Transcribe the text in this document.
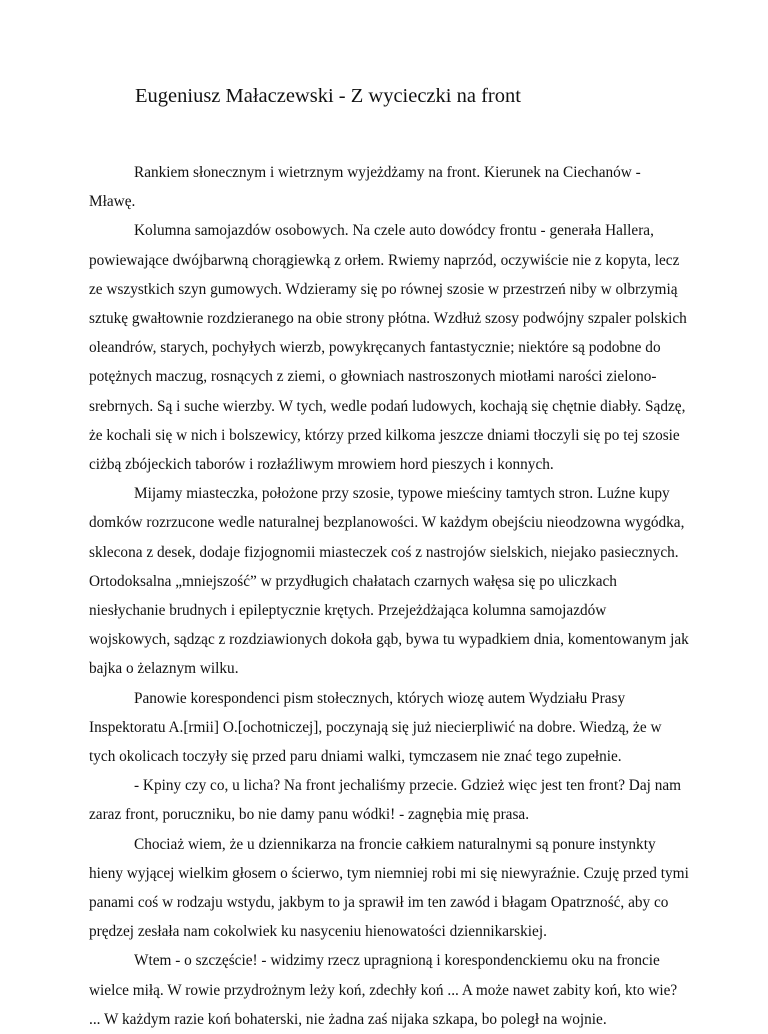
Eugeniusz Małaczewski - Z wycieczki na front

Rankiem słonecznym i wietrznym wyjeżdżamy na front. Kierunek na Ciechanów - Mławę.

Kolumna samojazdów osobowych. Na czele auto dowódcy frontu - generała Hallera, powiewające dwójbarwną chorągiewką z orłem. Rwiemy naprzód, oczywiście nie z kopyta, lecz ze wszystkich szyn gumowych. Wdzieramy się po równej szosie w przestrzeń niby w olbrzymią sztukę gwałtownie rozdzieranego na obie strony płótna. Wzdłuż szosy podwójny szpaler polskich oleandrów, starych, pochyłych wierzb, powykręcanych fantastycznie; niektóre są podobne do potężnych maczug, rosnących z ziemi, o głowniach nastroszonych miotłami narości zielono-srebrnych. Są i suche wierzby. W tych, wedle podań ludowych, kochają się chętnie diabły. Sądzę, że kochali się w nich i bolszewicy, którzy przed kilkoma jeszcze dniami tłoczyli się po tej szosie ciżbą zbójeckich taborów i rozłaźliwym mrowiem hord pieszych i konnych.

Mijamy miasteczka, położone przy szosie, typowe mieściny tamtych stron. Luźne kupy domków rozrzucone wedle naturalnej bezplanowości. W każdym obejściu nieodzowna wygódka, sklecona z desek, dodaje fizjognomii miasteczek coś z nastrojów sielskich, niejako pasiecznych. Ortodoksalna „mniejszość” w przydługich chałatach czarnych wałęsa się po uliczkach niesłychanie brudnych i epileptycznie krętych. Przejeżdżająca kolumna samojazdów wojskowych, sądząc z rozdziawionych dokoła gąb, bywa tu wypadkiem dnia, komentowanym jak bajka o żelaznym wilku.

Panowie korespondenci pism stołecznych, których wiozę autem Wydziału Prasy Inspektoratu A.[rmii] O.[ochotniczej], poczynają się już niecierpliwić na dobre. Wiedzą, że w tych okolicach toczyły się przed paru dniami walki, tymczasem nie znać tego zupełnie.

- Kpiny czy co, u licha? Na front jechaliśmy przecie. Gdzież więc jest ten front? Daj nam zaraz front, poruczniku, bo nie damy panu wódki! - zagnębia mię prasa.

Chociaż wiem, że u dziennikarza na froncie całkiem naturalnymi są ponure instynkty hieny wyjącej wielkim głosem o ścierwo, tym niemniej robi mi się niewyraźnie. Czuję przed tymi panami coś w rodzaju wstydu, jakbym to ja sprawił im ten zawód i błagam Opatrzność, aby co prędzej zesłała nam cokolwiek ku nasyceniu hienowatości dziennikarskiej.

Wtem - o szczęście! - widzimy rzecz upragnioną i korespondenckiemu oku na froncie wielce miłą. W rowie przydrożnym leży koń, zdechły koń ... A może nawet zabity koń, kto wie? ... W każdym razie koń bohaterski, nie żadna zaś nijaka szkapa, bo poległ na wojnie.
